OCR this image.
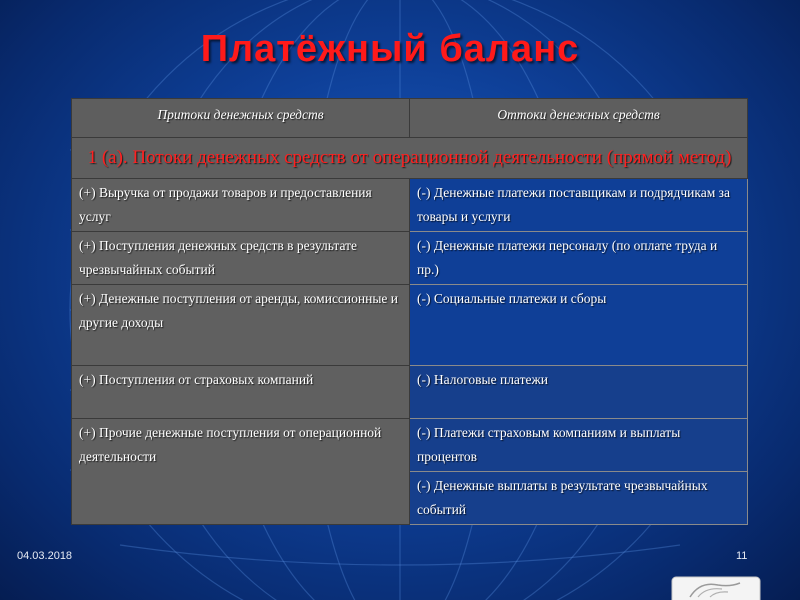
Платёжный баланс
Притоки денежных средств	Оттоки денежных средств
1 (а). Потоки денежных средств от операционной деятельности (прямой метод)	
(+) Выручка от продажи товаров и предоставления услуг	(-) Денежные платежи поставщикам и подрядчикам за товары и услуги
(+) Поступления денежных средств в результате чрезвычайных событий	(-) Денежные платежи персоналу (по оплате труда и пр.)
(+) Денежные поступления от аренды, комиссионные и другие доходы	(-) Социальные платежи и сборы
(+) Поступления от страховых компаний	(-) Налоговые платежи
(+) Прочие денежные поступления от операционной деятельности	(-) Платежи страховым компаниям и выплаты процентов
	(-) Денежные выплаты в результате чрезвычайных событий
04.03.2018	11
